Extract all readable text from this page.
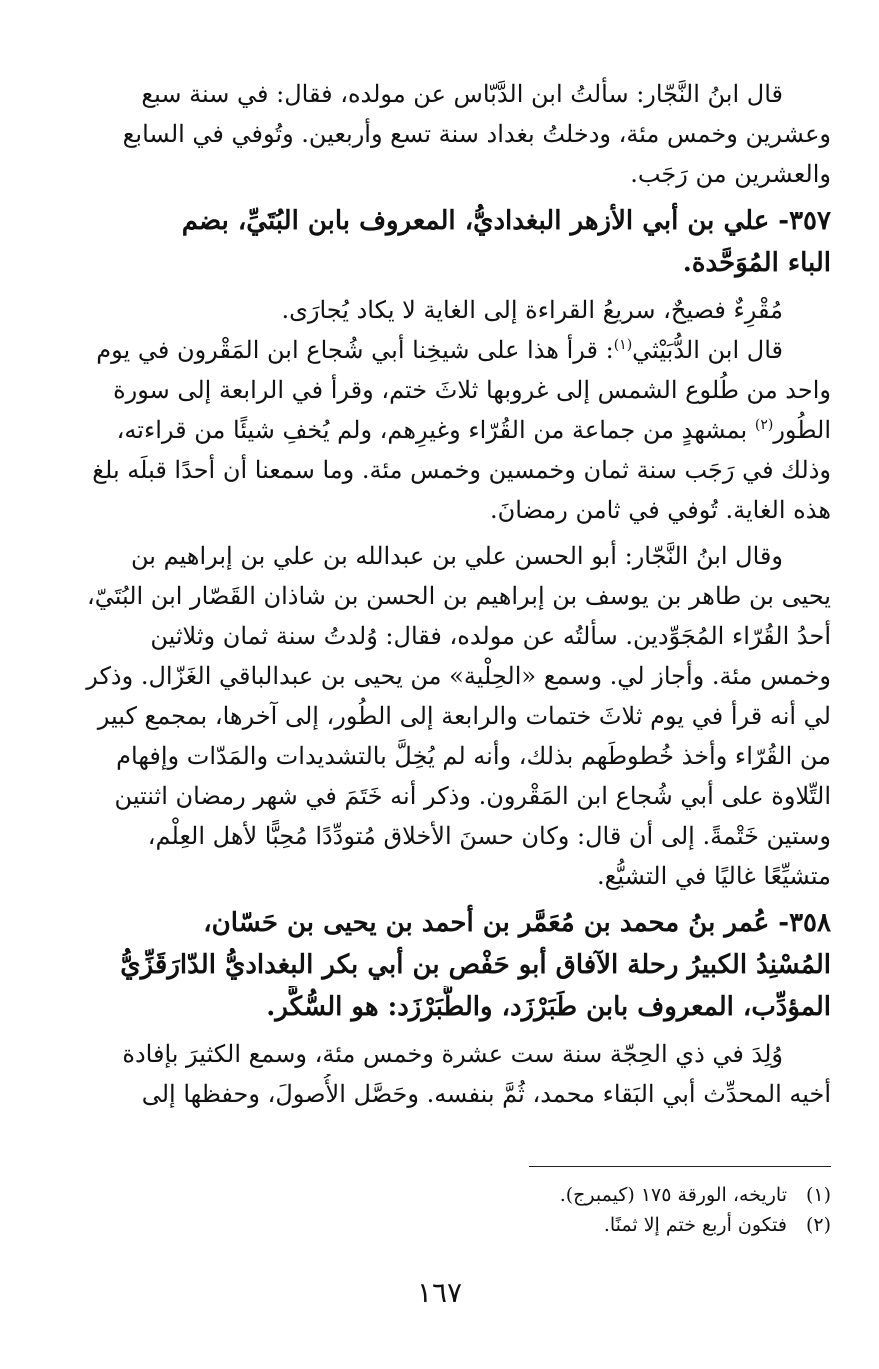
قال ابنُ النَّجّار: سألتُ ابن الدَّبّاس عن مولده، فقال: في سنة سبع
وعشرين وخمس مئة، ودخلتُ بغداد سنة تسع وأربعين. وتُوفي في السابع
والعشرين من رَجَب.
٣٥٧- علي بن أبي الأزهر البغداديُّ، المعروف بابن البُتَيِّ، بضم
الباء المُوَحَّدة.
مُقْرِءٌ فصيحٌ، سريعُ القراءة إلى الغاية لا يكاد يُجارَى.
قال ابن الدُّبَيْثي$^{(١)}$: قرأ هذا على شيخِنا أبي شُجاع ابن المَقْرون في يوم
واحد من طُلوع الشمس إلى غروبها ثلاثَ ختم، وقرأ في الرابعة إلى سورة
الطُور$^{(٢)}$ بمشهدٍ من جماعة من القُرّاء وغيرِهم، ولم يُخفِ شيئًا من قراءته،
وذلك في رَجَب سنة ثمان وخمسين وخمس مئة. وما سمعنا أن أحدًا قبلَه بلغ
هذه الغاية. تُوفي في ثامن رمضانَ.
وقال ابنُ النَّجّار: أبو الحسن علي بن عبدالله بن علي بن إبراهيم بن
يحيى بن طاهر بن يوسف بن إبراهيم بن الحسن بن شاذان القَصّار ابن البُتَيّ،
أحدُ القُرّاء المُجَوِّدين. سألتُه عن مولده، فقال: وُلدتُ سنة ثمان وثلاثين
وخمس مئة. وأجاز لي. وسمع «الحِلْية» من يحيى بن عبدالباقي الغَزّال. وذكر
لي أنه قرأ في يوم ثلاثَ ختمات والرابعة إلى الطُور، إلى آخرها، بمجمع كبير
من القُرّاء وأخذ خُطوطَهم بذلك، وأنه لم يُخِلَّ بالتشديدات والمَدّات وإفهام
التِّلاوة على أبي شُجاع ابن المَقْرون. وذكر أنه خَتَمَ في شهر رمضان اثنتين
وستين خَتْمةً. إلى أن قال: وكان حسنَ الأخلاق مُتودِّدًا مُحِبًّا لأهل العِلْم،
متشيِّعًا غاليًا في التشيُّع.
٣٥٨- عُمر بنُ محمد بن مُعَمَّر بن أحمد بن يحيى بن حَسّان،
المُسْنِدُ الكبيرُ رحلة الآفاق أبو حَفْص بن أبي بكر البغداديُّ الدّارَقَزِّيُّ
المؤدِّب، المعروف بابن طَبَرْزَد، والطَّبَرْزَد: هو السُّكَّر.
وُلِدَ في ذي الحِجّة سنة ست عشرة وخمس مئة، وسمع الكثيرَ بإفادة
أخيه المحدِّث أبي البَقاء محمد، ثُمَّ بنفسه. وحَصَّل الأُصولَ، وحفظها إلى
(١)تاريخه، الورقة ١٧٥ (كيمبرج).
(٢)فتكون أربع ختم إلا ثمنًا.
١٦٧
